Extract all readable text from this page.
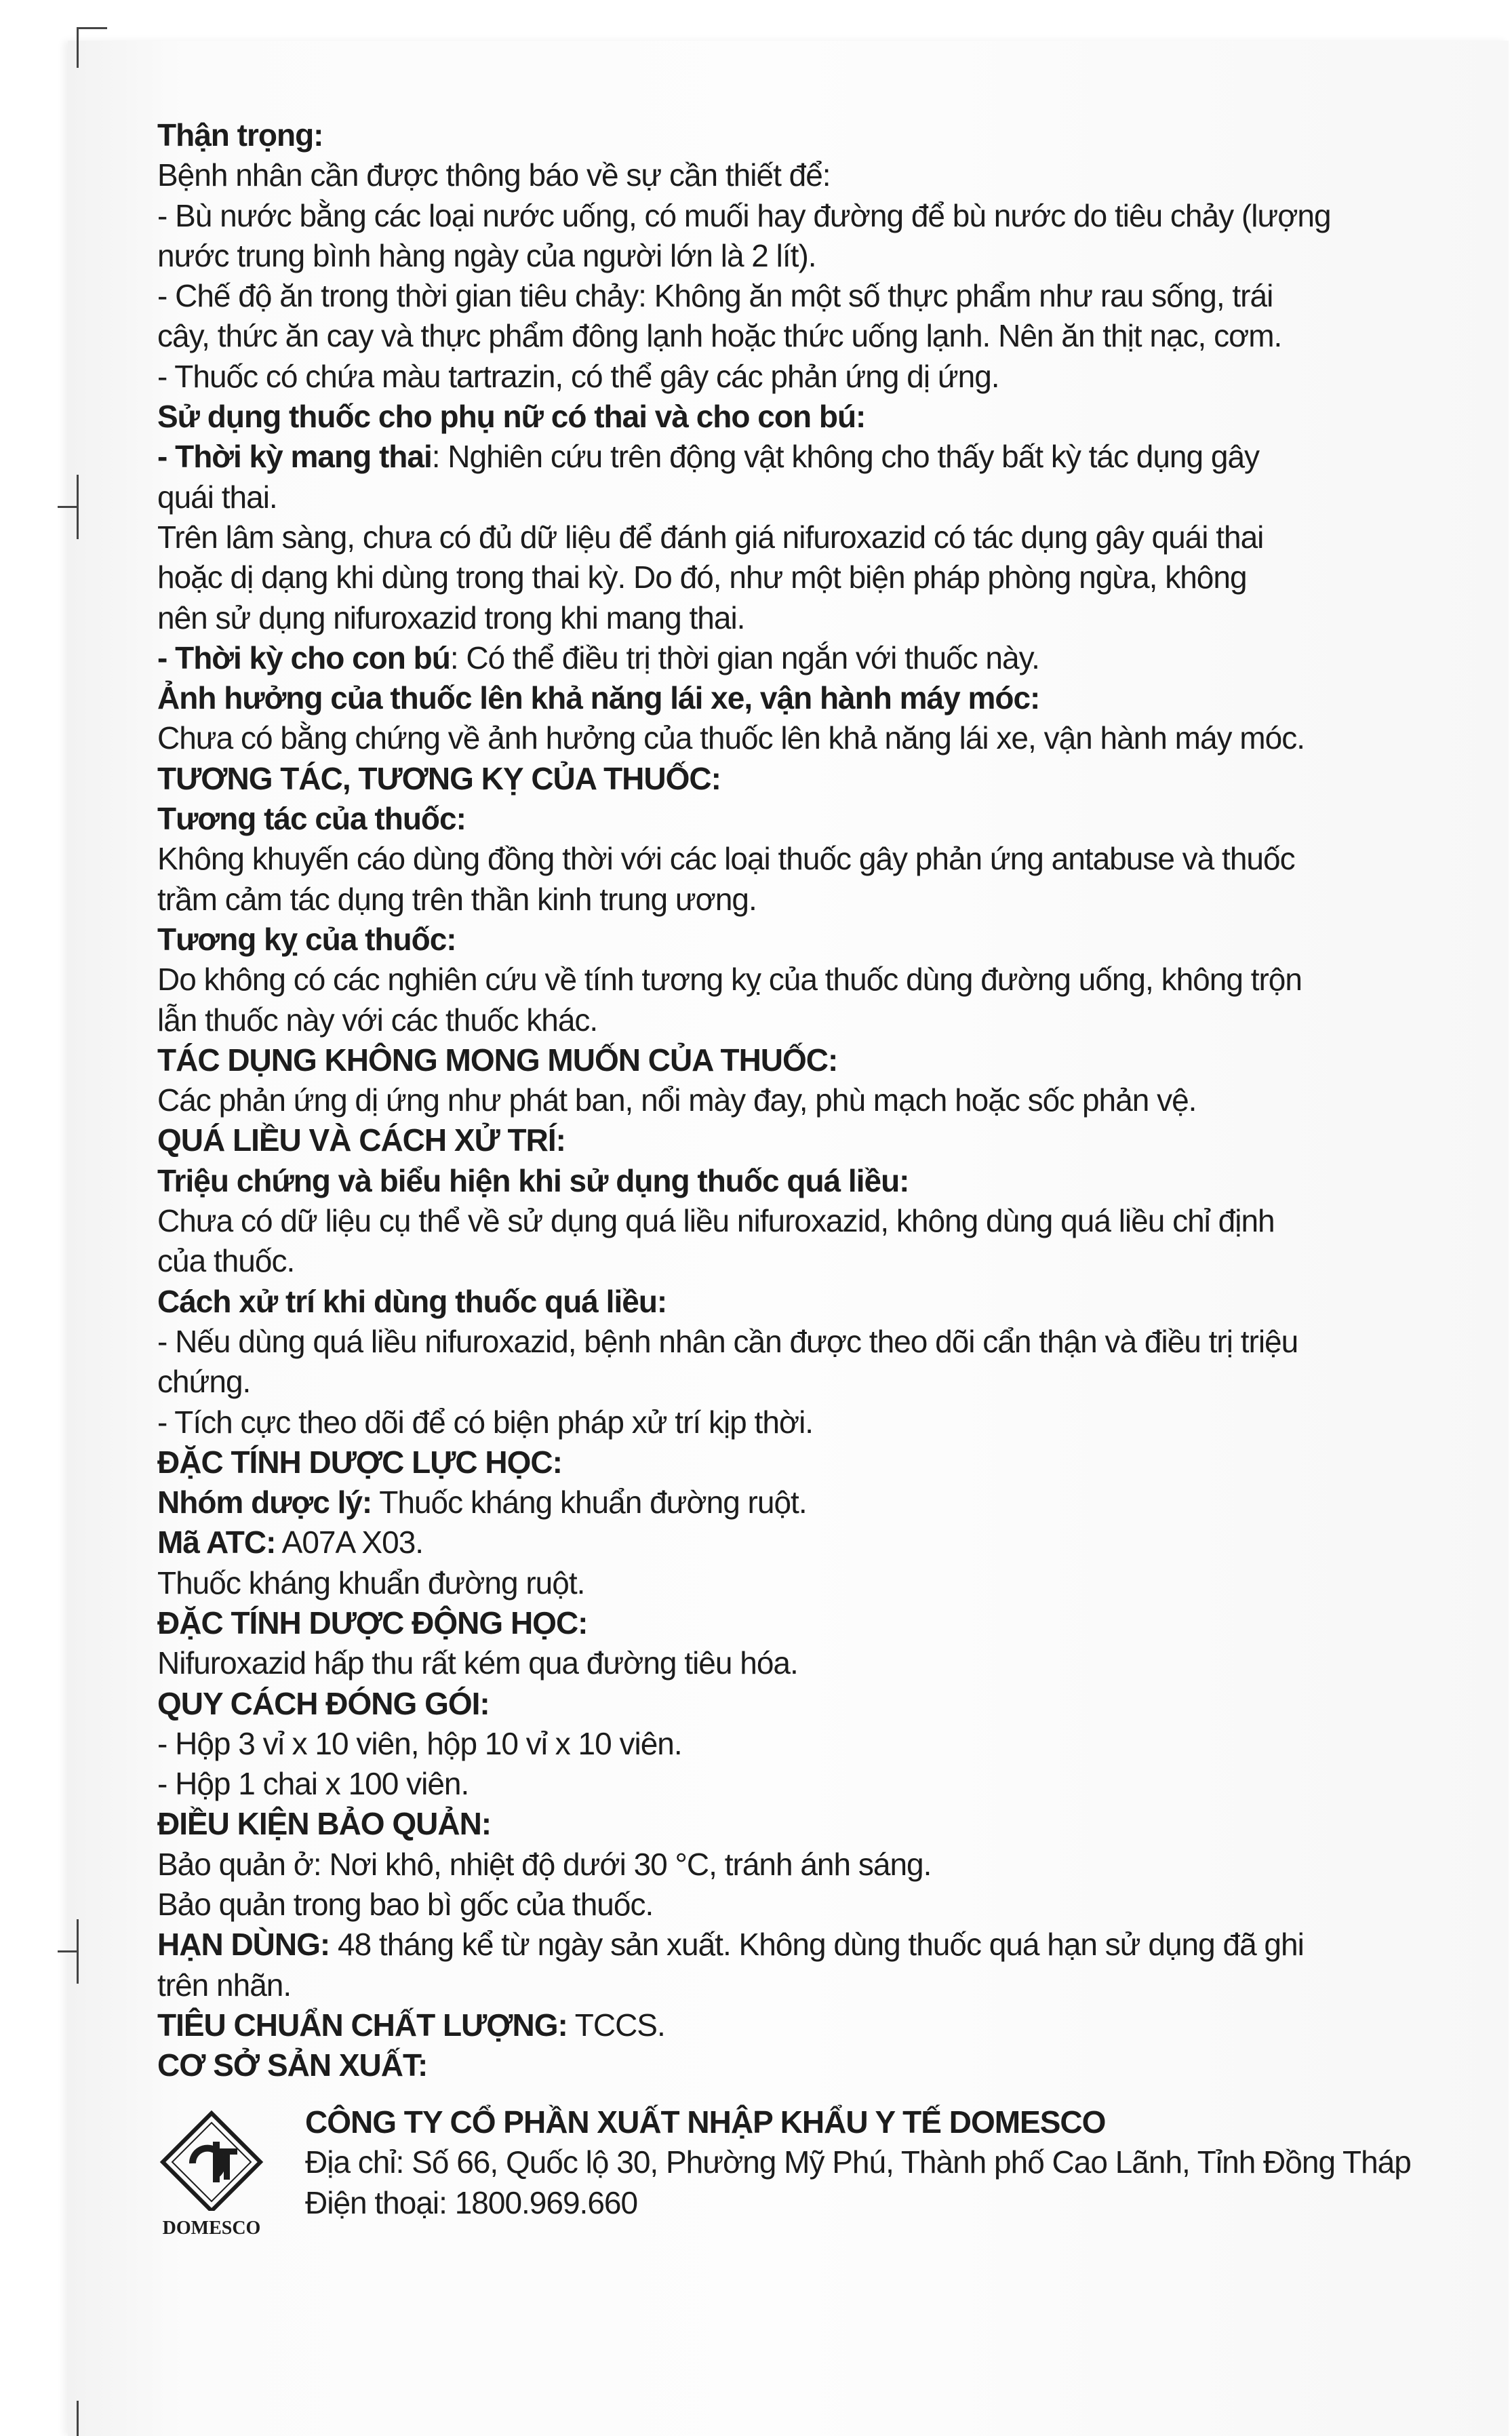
Thận trọng:

Bệnh nhân cần được thông báo về sự cần thiết để:

- Bù nước bằng các loại nước uống, có muối hay đường để bù nước do tiêu chảy (lượng

nước trung bình hàng ngày của người lớn là 2 lít).

- Chế độ ăn trong thời gian tiêu chảy: Không ăn một số thực phẩm như rau sống, trái

cây, thức ăn cay và thực phẩm đông lạnh hoặc thức uống lạnh. Nên ăn thịt nạc, cơm.

- Thuốc có chứa màu tartrazin, có thể gây các phản ứng dị ứng.

Sử dụng thuốc cho phụ nữ có thai và cho con bú:

- Thời kỳ mang thai: Nghiên cứu trên động vật không cho thấy bất kỳ tác dụng gây

quái thai.

Trên lâm sàng, chưa có đủ dữ liệu để đánh giá nifuroxazid có tác dụng gây quái thai

hoặc dị dạng khi dùng trong thai kỳ. Do đó, như một biện pháp phòng ngừa, không

nên sử dụng nifuroxazid trong khi mang thai.

- Thời kỳ cho con bú: Có thể điều trị thời gian ngắn với thuốc này.

Ảnh hưởng của thuốc lên khả năng lái xe, vận hành máy móc:

Chưa có bằng chứng về ảnh hưởng của thuốc lên khả năng lái xe, vận hành máy móc.

TƯƠNG TÁC, TƯƠNG KỴ CỦA THUỐC:

Tương tác của thuốc:

Không khuyến cáo dùng đồng thời với các loại thuốc gây phản ứng antabuse và thuốc

trầm cảm tác dụng trên thần kinh trung ương.

Tương kỵ của thuốc:

Do không có các nghiên cứu về tính tương kỵ của thuốc dùng đường uống, không trộn

lẫn thuốc này với các thuốc khác.

TÁC DỤNG KHÔNG MONG MUỐN CỦA THUỐC:

Các phản ứng dị ứng như phát ban, nổi mày đay, phù mạch hoặc sốc phản vệ.

QUÁ LIỀU VÀ CÁCH XỬ TRÍ:

Triệu chứng và biểu hiện khi sử dụng thuốc quá liều:

Chưa có dữ liệu cụ thể về sử dụng quá liều nifuroxazid, không dùng quá liều chỉ định

của thuốc.

Cách xử trí khi dùng thuốc quá liều:

- Nếu dùng quá liều nifuroxazid, bệnh nhân cần được theo dõi cẩn thận và điều trị triệu

chứng.

- Tích cực theo dõi để có biện pháp xử trí kịp thời.

ĐẶC TÍNH DƯỢC LỰC HỌC:

Nhóm dược lý: Thuốc kháng khuẩn đường ruột.

Mã ATC: A07A X03.

Thuốc kháng khuẩn đường ruột.

ĐẶC TÍNH DƯỢC ĐỘNG HỌC:

Nifuroxazid hấp thu rất kém qua đường tiêu hóa.

QUY CÁCH ĐÓNG GÓI:

- Hộp 3 vỉ x 10 viên, hộp 10 vỉ x 10 viên.

- Hộp 1 chai x 100 viên.

ĐIỀU KIỆN BẢO QUẢN:

Bảo quản ở: Nơi khô, nhiệt độ dưới 30 °C, tránh ánh sáng.

Bảo quản trong bao bì gốc của thuốc.

HẠN DÙNG: 48 tháng kể từ ngày sản xuất. Không dùng thuốc quá hạn sử dụng đã ghi

trên nhãn.

TIÊU CHUẨN CHẤT LƯỢNG: TCCS.

CƠ SỞ SẢN XUẤT:

DOMESCO

CÔNG TY CỔ PHẦN XUẤT NHẬP KHẨU Y TẾ DOMESCO

Địa chỉ: Số 66, Quốc lộ 30, Phường Mỹ Phú, Thành phố Cao Lãnh, Tỉnh Đồng Tháp

Điện thoại: 1800.969.660
